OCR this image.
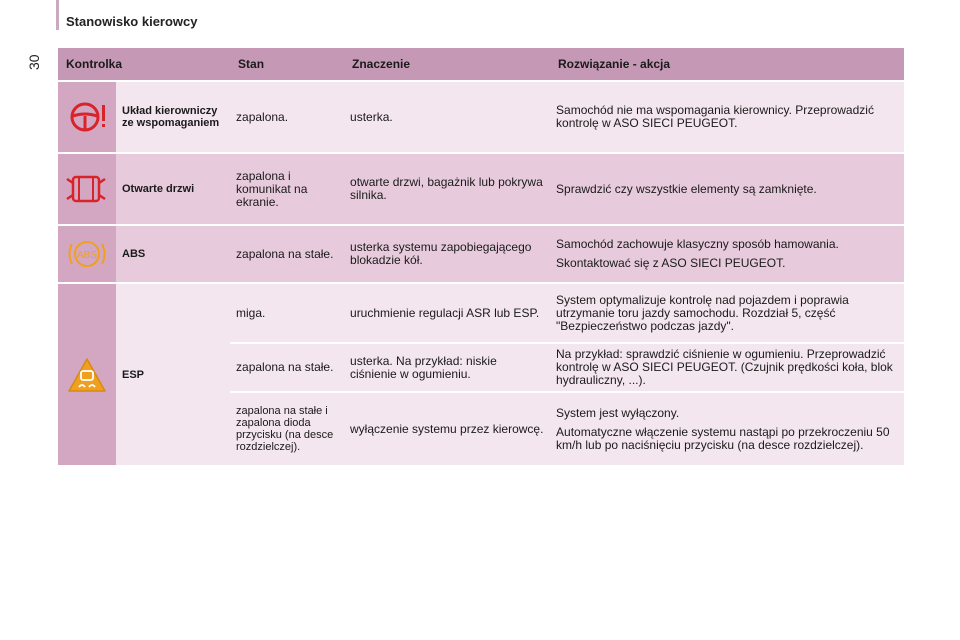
30
Stanowisko kierowcy
Kontrolka		Stan	Znaczenie	Rozwiązanie - akcja

	Układ kierowniczy ze wspomaganiem	zapalona.	usterka.	Samochód nie ma wspomagania kierownicy. Przeprowadzić kontrolę w ASO SIECI PEUGEOT.

	Otwarte drzwi	zapalona i komunikat na ekranie.	otwarte drzwi, bagażnik lub pokrywa silnika.	Sprawdzić czy wszystkie elementy są zamknięte.

ABS	ABS	zapalona na stałe.	usterka systemu zapobiegającego blokadzie kół.	Samochód zachowuje klasyczny sposób hamowania.

Skontaktować się z ASO SIECI PEUGEOT.

	ESP	miga.	uruchmienie regulacji ASR lub ESP.	System optymalizuje kontrolę nad pojazdem i poprawia utrzymanie toru jazdy samochodu. Rozdział 5, część "Bezpieczeństwo podczas jazdy".
		zapalona na stałe.	usterka. Na przykład: niskie ciśnienie w ogumieniu.	Na przykład: sprawdzić ciśnienie w ogumieniu. Przeprowadzić kontrolę w ASO SIECI PEUGEOT. (Czujnik prędkości koła, blok hydrauliczny, ...).
		zapalona na stałe i zapalona dioda przycisku (na desce rozdzielczej).	wyłączenie systemu przez kierowcę.	System jest wyłączony.

Automatyczne włączenie systemu nastąpi po przekroczeniu 50 km/h lub po naciśnięciu przycisku (na desce rozdzielczej).
